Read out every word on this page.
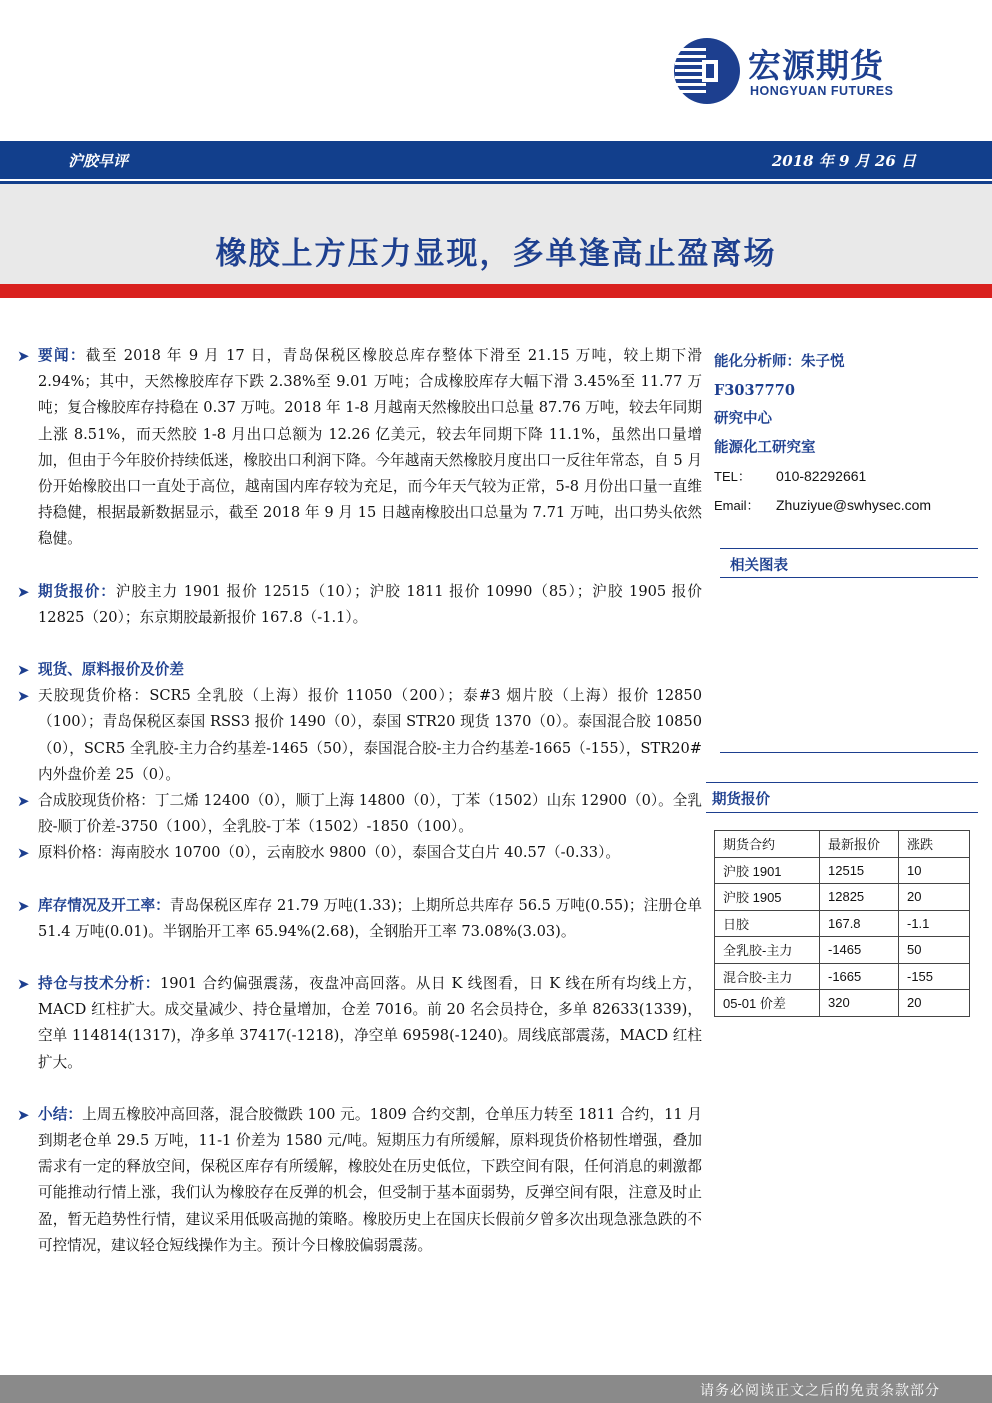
宏源期货
HONGYUAN FUTURES
沪胶早评	2018 年 9 月 26 日
橡胶上方压力显现，多单逢高止盈离场
➤ 要闻：截至 2018 年 9 月 17 日，青岛保税区橡胶总库存整体下滑至 21.15 万吨，较上期下滑 2.94%；其中，天然橡胶库存下跌 2.38%至 9.01 万吨；合成橡胶库存大幅下滑 3.45%至 11.77 万吨；复合橡胶库存持稳在 0.37 万吨。2018 年 1-8 月越南天然橡胶出口总量 87.76 万吨，较去年同期上涨 8.51%，而天然胶 1-8 月出口总额为 12.26 亿美元，较去年同期下降 11.1%，虽然出口量增加，但由于今年胶价持续低迷，橡胶出口利润下降。今年越南天然橡胶月度出口一反往年常态，自 5 月份开始橡胶出口一直处于高位，越南国内库存较为充足，而今年天气较为正常，5-8 月份出口量一直维持稳健，根据最新数据显示，截至 2018 年 9 月 15 日越南橡胶出口总量为 7.71 万吨，出口势头依然稳健。
➤ 期货报价：沪胶主力 1901 报价 12515（10）；沪胶 1811 报价 10990（85）；沪胶 1905 报价 12825（20）；东京期胶最新报价 167.8（-1.1）。
➤ 现货、原料报价及价差
➤ 天胶现货价格：SCR5 全乳胶（上海）报价 11050（200）；泰#3 烟片胶（上海）报价 12850（100）；青岛保税区泰国 RSS3 报价 1490（0），泰国 STR20 现货 1370（0）。泰国混合胶 10850（0），SCR5 全乳胶-主力合约基差-1465（50），泰国混合胶-主力合约基差-1665（-155），STR20#内外盘价差 25（0）。
➤ 合成胶现货价格：丁二烯 12400（0），顺丁上海 14800（0），丁苯（1502）山东 12900（0）。全乳胶-顺丁价差-3750（100），全乳胶-丁苯（1502）-1850（100）。
➤ 原料价格：海南胶水 10700（0），云南胶水 9800（0），泰国合艾白片 40.57（-0.33）。
➤ 库存情况及开工率：青岛保税区库存 21.79 万吨(1.33)；上期所总共库存 56.5 万吨(0.55)；注册仓单 51.4 万吨(0.01)。半钢胎开工率 65.94%(2.68)，全钢胎开工率 73.08%(3.03)。
➤ 持仓与技术分析：1901 合约偏强震荡，夜盘冲高回落。从日 K 线图看，日 K 线在所有均线上方，MACD 红柱扩大。成交量减少、持仓量增加，仓差 7016。前 20 名会员持仓，多单 82633(1339)，空单 114814(1317)，净多单 37417(-1218)，净空单 69598(-1240)。周线底部震荡，MACD 红柱扩大。
➤ 小结：上周五橡胶冲高回落，混合胶微跌 100 元。1809 合约交割，仓单压力转至 1811 合约，11 月到期老仓单 29.5 万吨，11-1 价差为 1580 元/吨。短期压力有所缓解，原料现货价格韧性增强，叠加需求有一定的释放空间，保税区库存有所缓解，橡胶处在历史低位，下跌空间有限，任何消息的刺激都可能推动行情上涨，我们认为橡胶存在反弹的机会，但受制于基本面弱势，反弹空间有限，注意及时止盈，暂无趋势性行情，建议采用低吸高抛的策略。橡胶历史上在国庆长假前夕曾多次出现急涨急跌的不可控情况，建议轻仓短线操作为主。预计今日橡胶偏弱震荡。
能化分析师：朱子悦
F3037770
研究中心
能源化工研究室
TEL： 010-82292661
Email： Zhuziyue@swhysec.com
相关图表
期货报价
期货合约	最新报价	涨跌
沪胶 1901	12515	10
沪胶 1905	12825	20
日胶	167.8	-1.1
全乳胶-主力	-1465	50
混合胶-主力	-1665	-155
05-01 价差	320	20
请务必阅读正文之后的免责条款部分
